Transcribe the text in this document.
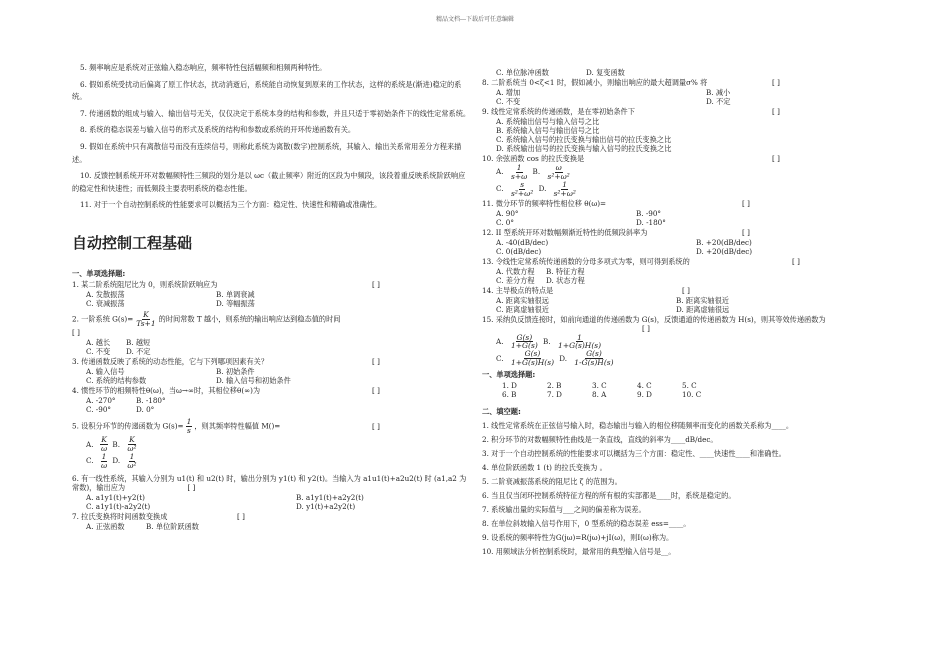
精品文档---下载后可任意编辑

5. 频率响应是系统对正弦输入稳态响应，频率特性包括幅频和相频两种特性。

6. 假如系统受扰动后偏离了原工作状态，扰动消逝后，系统能自动恢复到原来的工作状态，这样的系统是(渐进)稳定的系统。

7. 传递函数的组成与输入、输出信号无关，仅仅决定于系统本身的结构和参数，并且只适于零初始条件下的线性定常系统。

8. 系统的稳态误差与输入信号的形式及系统的结构和参数或系统的开环传递函数有关。

9. 假如在系统中只有离散信号而没有连续信号，则称此系统为离散(数字)控制系统，其输入、输出关系常用差分方程来描述。

10. 反馈控制系统开环对数幅频特性三频段的划分是以 ωc（截止频率）附近的区段为中频段，该段着重反映系统阶跃响应的稳定性和快速性；而低频段主要表明系统的稳态性能。

11. 对于一个自动控制系统的性能要求可以概括为三个方面：稳定性、快速性和精确或准确性。

自动控制工程基础
一、单项选择题:
1. 某二阶系统阻尼比为 0，则系统阶跃响应为	[ ]
A. 发散振荡	B. 单调衰减
C. 衰减振荡	D. 等幅振荡
2. 一阶系统 $G(s)= \frac{K}{Ts+1}$ 的时间常数 T 越小，则系统的输出响应达到稳态值的时间
[ ]
A. 越长	B. 越短
C. 不变	D. 不定
3. 传递函数反映了系统的动态性能，它与下列哪项因素有关？	[ ]
A. 输入信号	B. 初始条件
C. 系统的结构参数	D. 输入信号和初始条件
4. 惯性环节的相频特性θ(ω)，当ω→∞时，其相位移θ(∞)为	[ ]
A. -270°	B. -180°
C. -90°	D. 0°
5. 设积分环节的传递函数为 $G(s)= \frac{1}{s}$ ，则其频率特性幅值 M()=	[ ]
A. $\frac{K}{\omega} B$. $\frac{K}{\text{ω²}}$
C. $\frac{1}{\omega} D$. $\frac{1}{\text{ω²}}$
6. 有一线性系统，其输入分别为 u1(t) 和 u2(t) 时，输出分别为 y1(t) 和 y2(t)。当输入为 a1u1(t)+a2u2(t) 时 (a1,a2 为常数)，输出应为	[ ]
A. a1y1(t)+y2(t)	B. a1y1(t)+a2y2(t)
C. a1y1(t)-a2y2(t)	D. y1(t)+a2y2(t)
7. 拉氏变换将时间函数变换成	[ ]
A. 正弦函数	B. 单位阶跃函数
C. 单位脉冲函数	D. 复变函数
8. 二阶系统当 0<ζ<1 时，假如减小，则输出响应的最大超调量σ% 将	[ ]
A. 增加	B. 减小
C. 不变	D. 不定
9. 线性定常系统的传递函数，是在零初始条件下	[ ]
A. 系统输出信号与输入信号之比
B. 系统输入信号与输出信号之比
C. 系统输入信号的拉氏变换与输出信号的拉氏变换之比
D. 系统输出信号的拉氏变换与输入信号的拉氏变换之比
10. 余弦函数 cos 的拉氏变换是	[ ]
A. $\frac{1}{s+\omega} B$. $\frac{\omega}{\text{s²+ω²}}$
C. $\frac{s}{\text{s²+ω²}} D$. $\frac{1}{\text{s²+ω²}}$
11. 微分环节的频率特性相位移 θ(ω)=	[ ]
A. 90°	B. -90°
C. 0°	D. -180°
12. II 型系统开环对数幅频渐近特性的低频段斜率为	[ ]
A. -40(dB/dec)	B. +20(dB/dec)
C. 0(dB/dec)	D. +20(dB/dec)
13. 令线性定常系统传递函数的分母多项式为零，则可得到系统的	[ ]
A. 代数方程	B. 特征方程
C. 差分方程	D. 状态方程
14. 主导极点的特点是	[ ]
A. 距离实轴很远	B. 距离实轴很近
C. 距离虚轴很近	D. 距离虚轴很远
15. 采纳负反馈连接时，如前向通道的传递函数为 G(s)，反馈通道的传递函数为 H(s)，则其等效传递函数为 [ ]
A. $\frac{G(s)}{1+G(s)} B$. $\frac{1}{1+G(s)H(s)}$
C. $\frac{G(s)}{1+G(s)H(s)} D$. $\frac{G(s)}{1-G(s)H(s)}$
一、单项选择题:
1. D	2. B	3. C	4. C	5. C
6. B	7. D	8. A	9. D	10. C
二、填空题:

1. 线性定常系统在正弦信号输入时，稳态输出与输入的相位移随频率而变化的函数关系称为____。

2. 积分环节的对数幅频特性曲线是一条直线，直线的斜率为____dB/dec。

3. 对于一个自动控制系统的性能要求可以概括为三个方面：稳定性、____快速性____和准确性。

4. 单位阶跃函数 1 (t) 的拉氏变换为 。

5. 二阶衰减振荡系统的阻尼比 ζ 的范围为。

6. 当且仅当闭环控制系统特征方程的所有根的实部都是____时，系统是稳定的。

7. 系统输出量的实际值与___之间的偏差称为误差。

8. 在单位斜坡输入信号作用下，0 型系统的稳态误差 ess=____。

9. 设系统的频率特性为G(jω)=R(jω)+jI(ω)，则I(ω)称为。

10. 用频域法分析控制系统时，最常用的典型输入信号是__。
